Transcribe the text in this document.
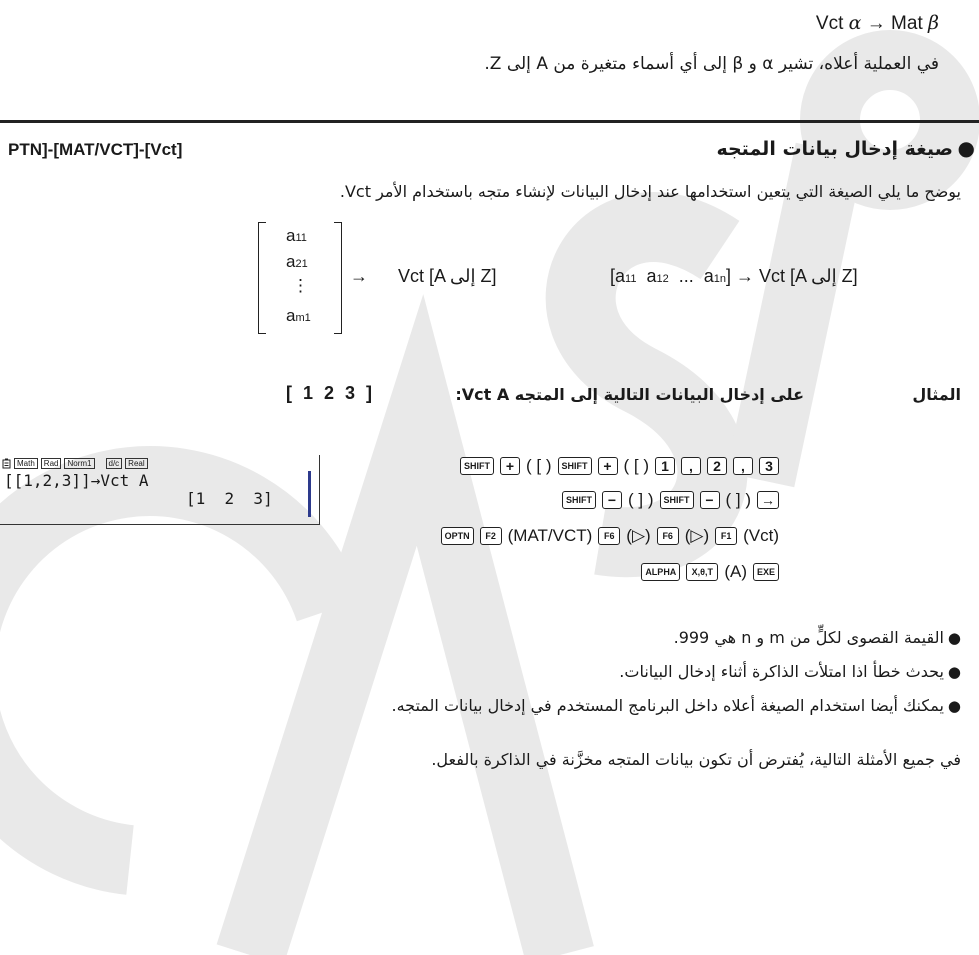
Vct α → Mat β
في العملية أعلاه، تشير α و β إلى أي أسماء متغيرة من A إلى Z.
●
صيغة إدخال بيانات المتجه
PTN]-[MAT/VCT]-[Vct]
يوضح ما يلي الصيغة التي يتعين استخدامها عند إدخال البيانات لإنشاء متجه باستخدام الأمر Vct.
a11
a21
⋮
am1
→ Vct [A إلى Z]	[a11 a12 ... a1n] → Vct [A إلى Z]
المثال
على إدخال البيانات التالية إلى المتجه Vct A:
[ 1 2 3 ]
Math	Rad	Norm1	d/c	Real
[[1,2,3]]→Vct A
[1  2  3]
SHIFT	+ ( [ )	SHIFT	+ ( [ ) 1	,	2	,	3
SHIFT	− ( ] )	SHIFT	− ( ] ) →
OPTN	F2 (MAT/VCT)	F6 (▷)	F6 (▷)	F1 (Vct)
ALPHA	X,θ,T (A)	EXE
●القيمة القصوى لكلٍّ من m و n هي 999.
●يحدث خطأ اذا امتلأت الذاكرة أثناء إدخال البيانات.
●يمكنك أيضا استخدام الصيغة أعلاه داخل البرنامج المستخدم في إدخال بيانات المتجه.
في جميع الأمثلة التالية، يُفترض أن تكون بيانات المتجه مخزَّنة في الذاكرة بالفعل.
